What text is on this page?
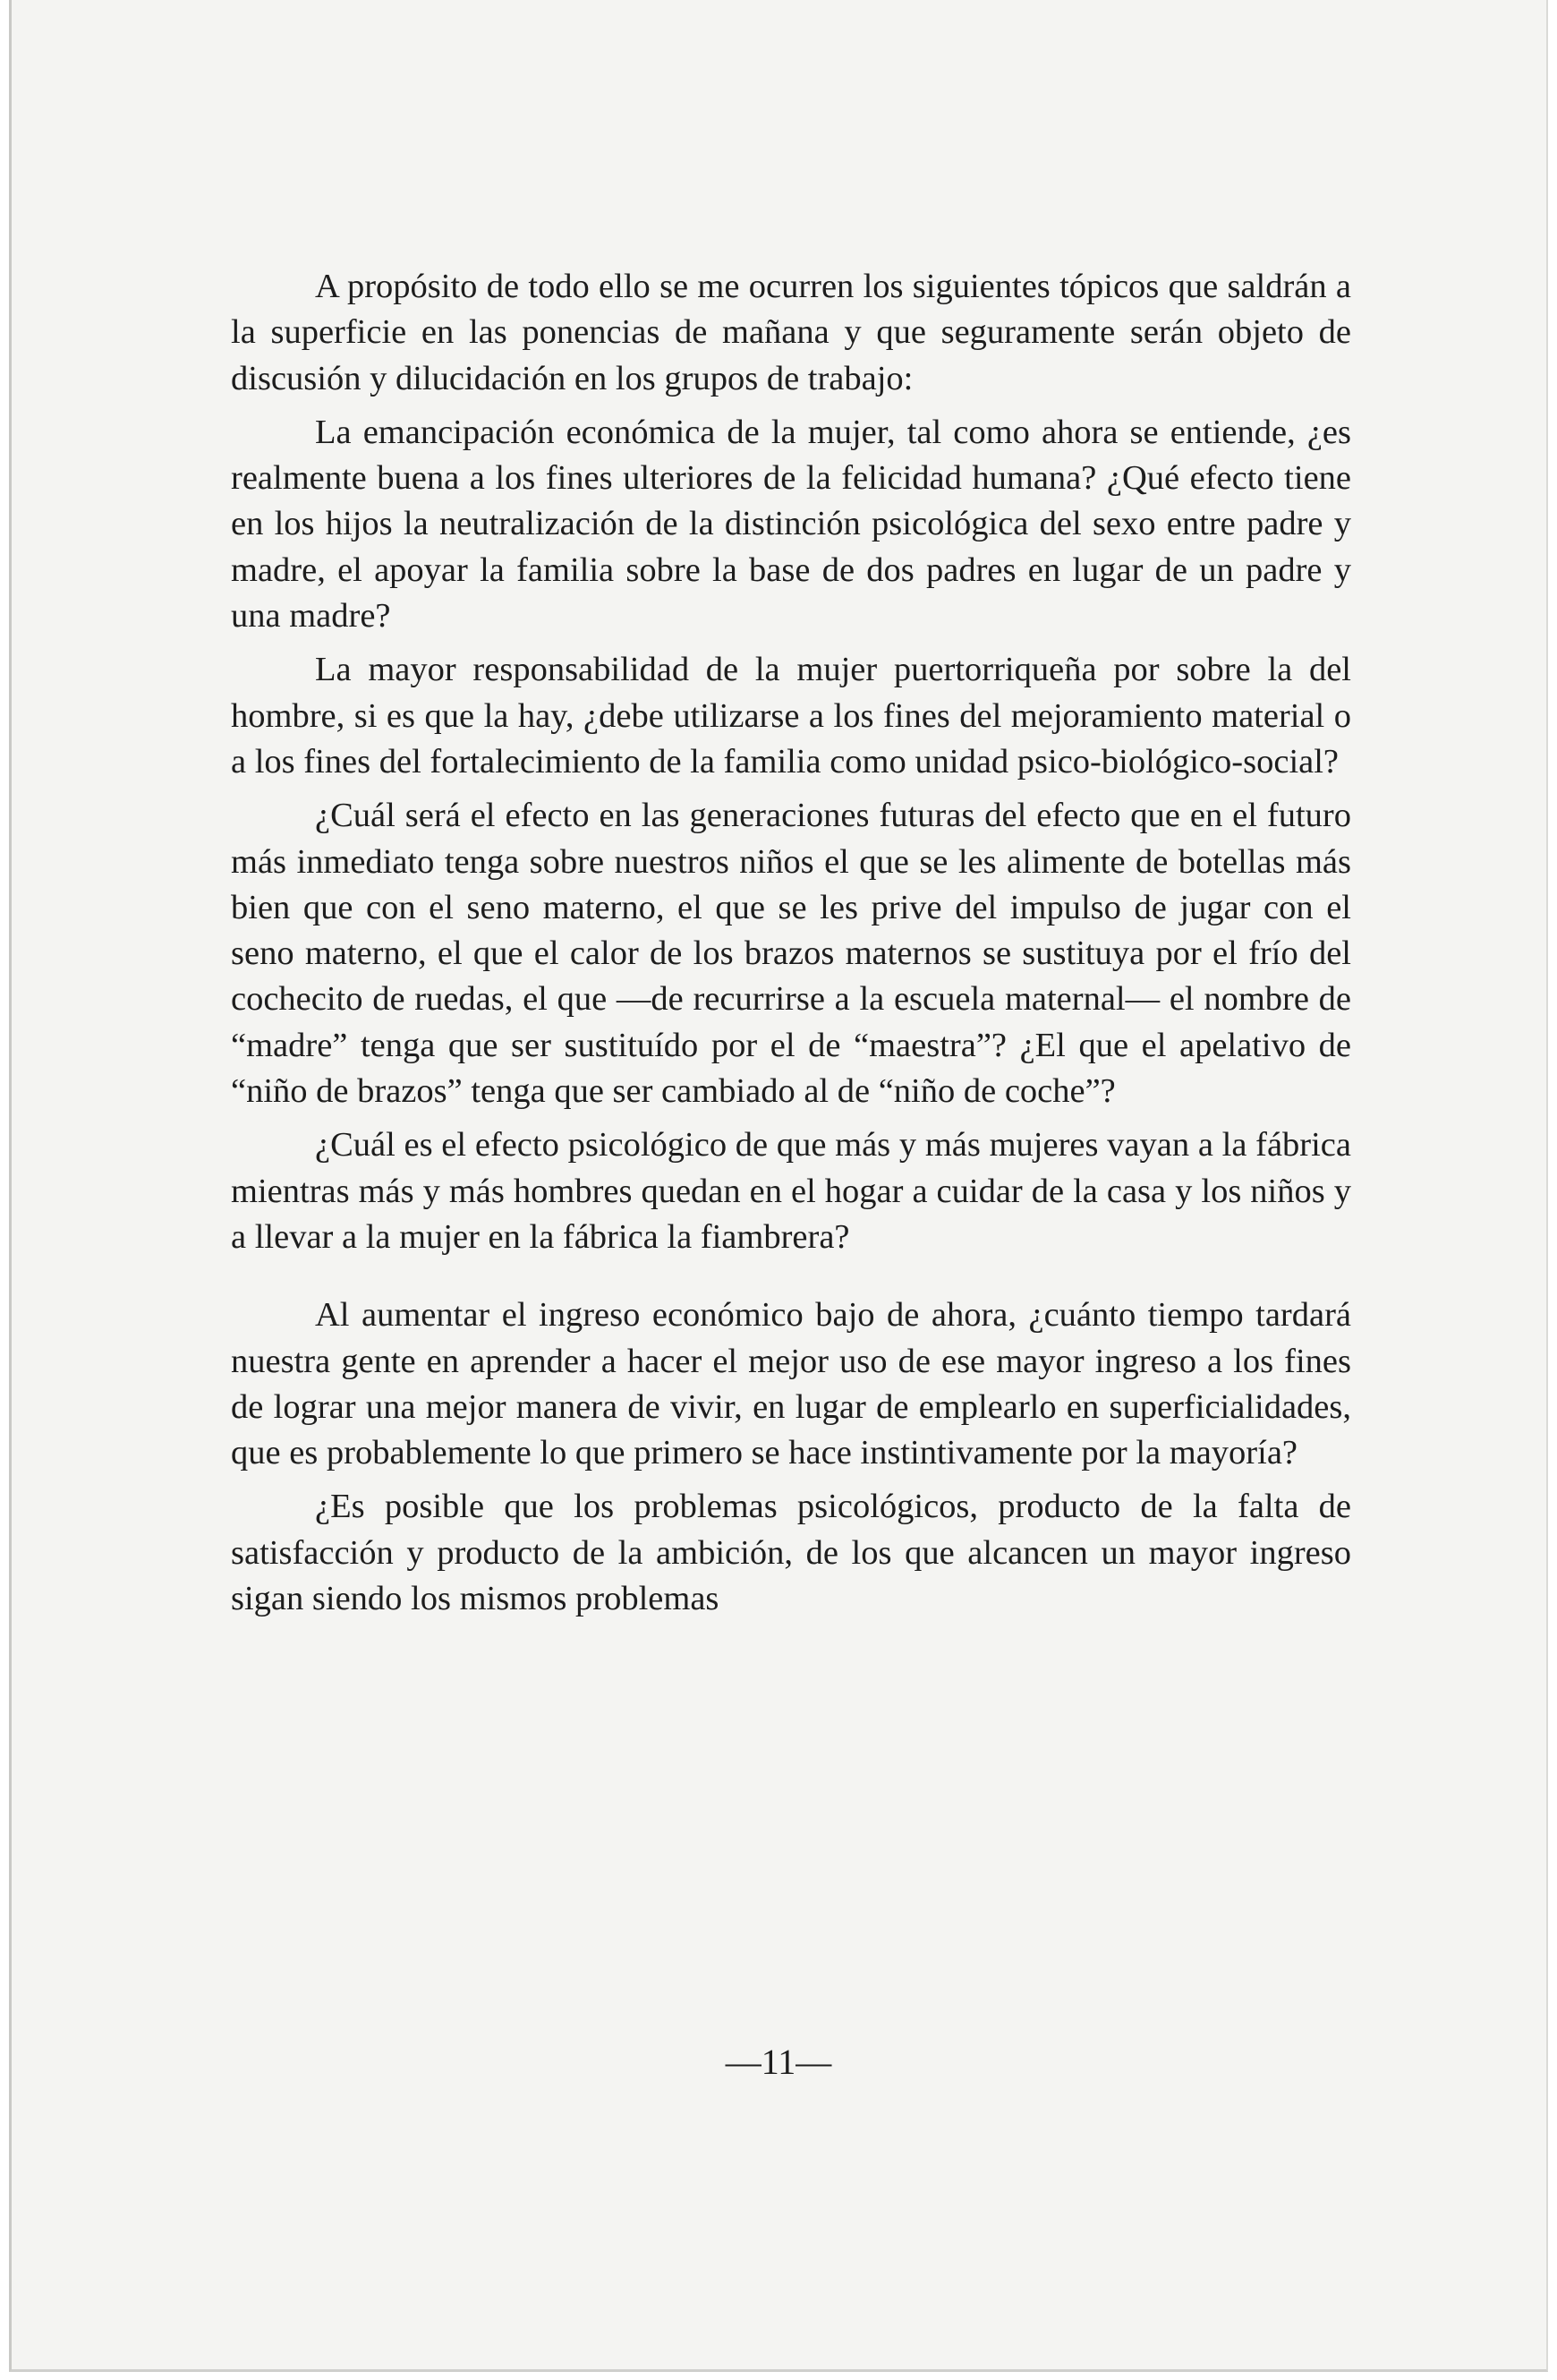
A propósito de todo ello se me ocurren los siguientes tópicos que saldrán a la superficie en las ponencias de mañana y que seguramente serán objeto de discusión y dilucidación en los grupos de trabajo:

La emancipación económica de la mujer, tal como ahora se entiende, ¿es realmente buena a los fines ulteriores de la felicidad humana? ¿Qué efecto tiene en los hijos la neutralización de la distinción psicológica del sexo entre padre y madre, el apoyar la familia sobre la base de dos padres en lugar de un padre y una madre?

La mayor responsabilidad de la mujer puertorriqueña por sobre la del hombre, si es que la hay, ¿debe utilizarse a los fines del mejoramiento material o a los fines del fortalecimiento de la familia como unidad psico-biológico-social?

¿Cuál será el efecto en las generaciones futuras del efecto que en el futuro más inmediato tenga sobre nuestros niños el que se les alimente de botellas más bien que con el seno materno, el que se les prive del impulso de jugar con el seno materno, el que el calor de los brazos maternos se sustituya por el frío del cochecito de ruedas, el que —de recurrirse a la escuela maternal— el nombre de “madre” tenga que ser sustituído por el de “maestra”? ¿El que el apelativo de “niño de brazos” tenga que ser cambiado al de “niño de coche”?

¿Cuál es el efecto psicológico de que más y más mujeres vayan a la fábrica mientras más y más hombres quedan en el hogar a cuidar de la casa y los niños y a llevar a la mujer en la fábrica la fiambrera?

Al aumentar el ingreso económico bajo de ahora, ¿cuánto tiempo tardará nuestra gente en aprender a hacer el mejor uso de ese mayor ingreso a los fines de lograr una mejor manera de vivir, en lugar de emplearlo en superficialidades, que es probablemente lo que primero se hace instintivamente por la mayoría?

¿Es posible que los problemas psicológicos, producto de la falta de satisfacción y producto de la ambición, de los que alcancen un mayor ingreso sigan siendo los mismos problemas

—11—
